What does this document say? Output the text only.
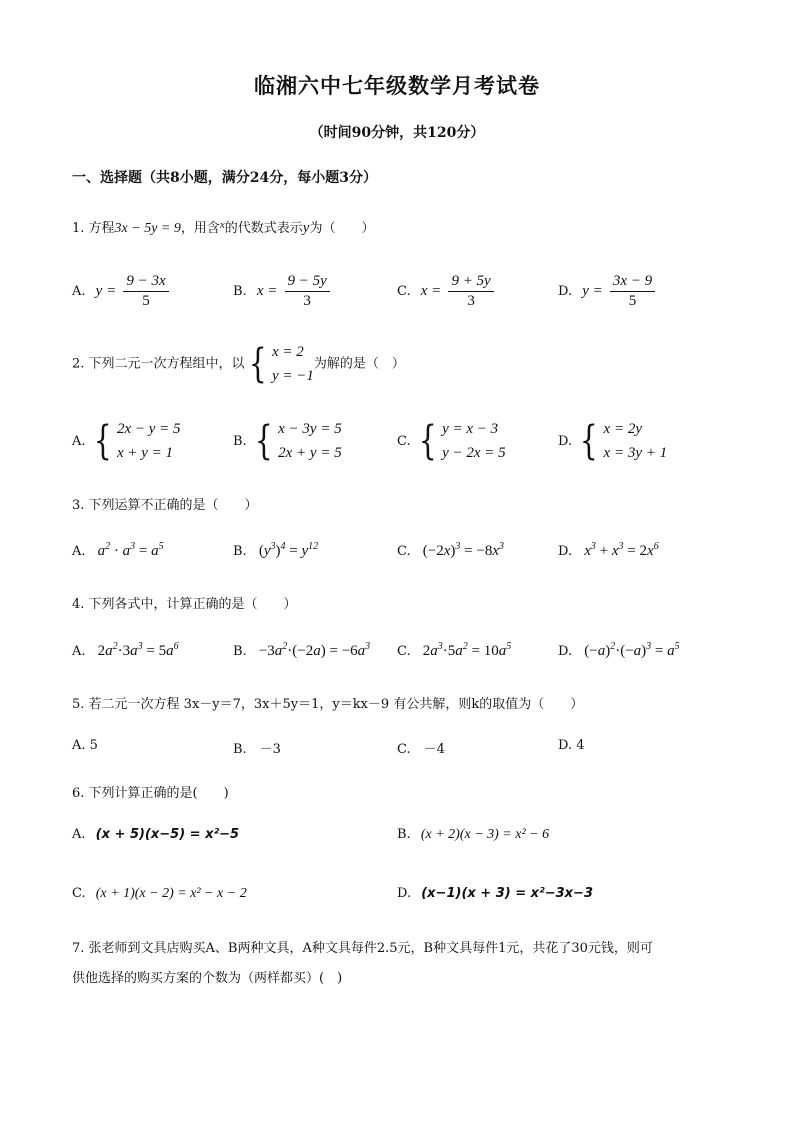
临湘六中七年级数学月考试卷
（时间90分钟，共120分）
一、选择题（共8小题，满分24分，每小题3分）
1. 方程3x − 5y = 9，用含$^x$的代数式表示y为（　　）
A. $y = \frac{9 - 3x}{5}$	B. $x = \frac{9 - 5y}{3}$	C. $x = \frac{9 + 5y}{3}$	D. $y = \frac{3x - 9}{5}$
2. 下列二元一次方程组中，以 { x = 2
y = −1
为解的是（　）
A. { 2x − y = 5
x + y = 1
B. { x − 3y = 5
2x + y = 5
C. { y = x − 3
y − 2x = 5
D. { x = 2y
x = 3y + 1
3. 下列运算不正确的是（　　）
A. $a^2 \cdot a^3 = a^5$	B. $(y^3)^4 = y^{12}$	C. $(-2x)^3 = -8x^3$	D. $x^3 + x^3 = 2x^6$
4. 下列各式中，计算正确的是（　　）
A. $2a^2\cdot 3a^3 = 5a^6$	B. $-3a^2\cdot(-2a) = -6a^3$ C. $2a^3\cdot 5a^2 = 10a^5$	D. $(-a)^2\cdot(-a)^3 = a^5$
5. 若二元一次方程 3x－y＝7，3x＋5y＝1，y＝kx－9 有公共解，则k的取值为（　　）
A. 5	B.　－3	C.　－4	D. 4
6. 下列计算正确的是(　　)
A. (x + 5)(x−5) = x²−5	B. (x + 2)(x − 3) = x² − 6
C. (x + 1)(x − 2) = x² − x − 2	D. (x−1)(x + 3) = x²−3x−3
7. 张老师到文具店购买A、B两种文具，A种文具每件2.5元，B种文具每件1元，共花了30元钱，则可
供他选择的购买方案的个数为（两样都买）(　)
